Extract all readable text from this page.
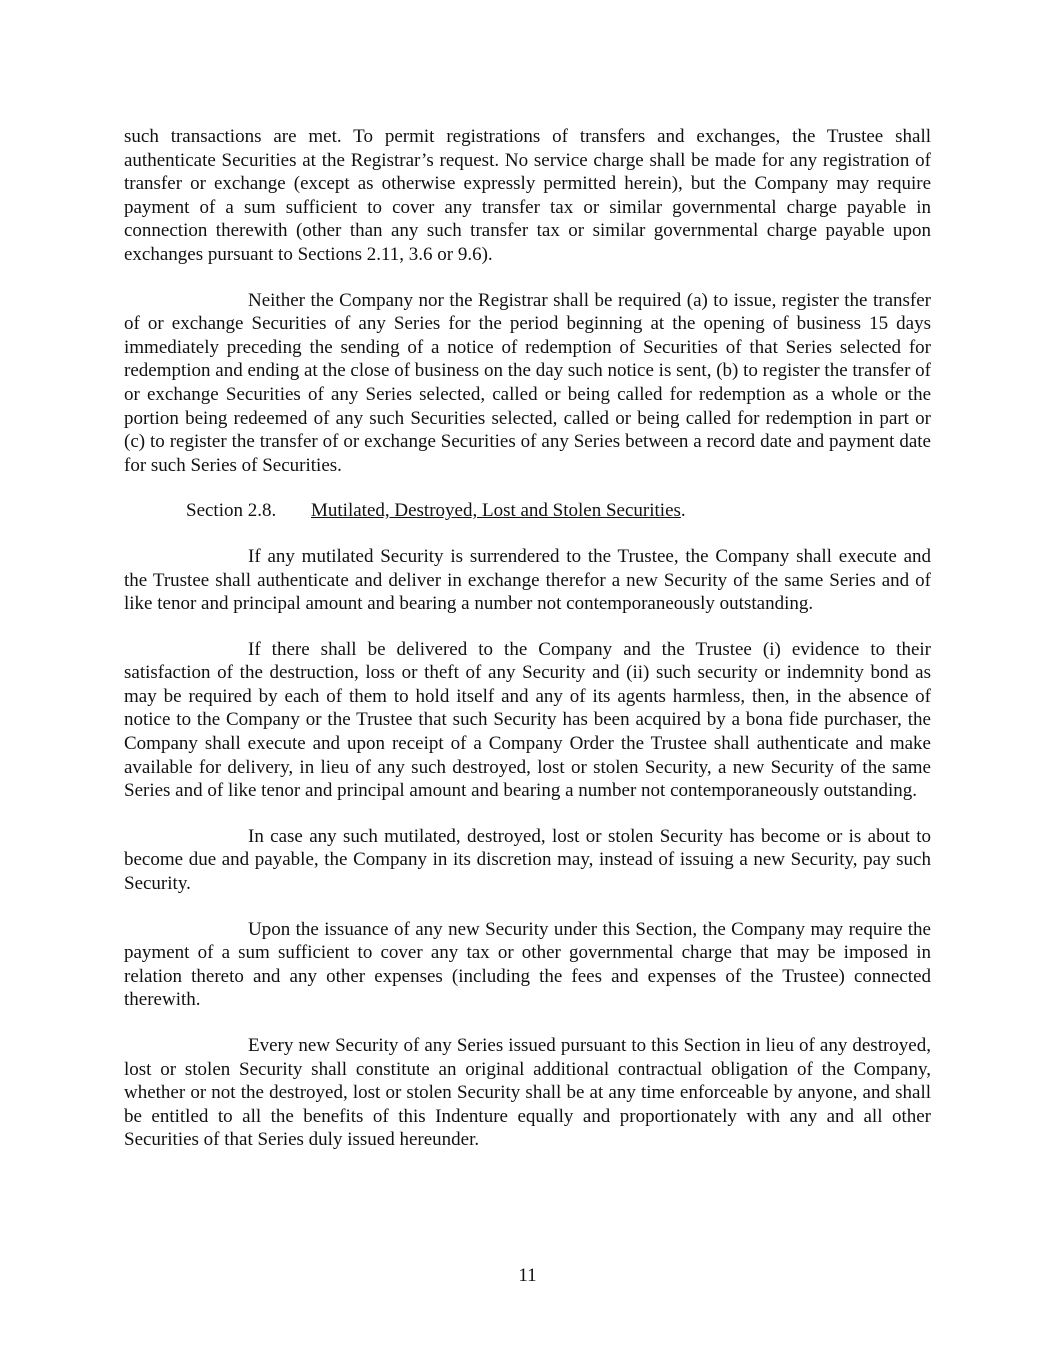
such transactions are met. To permit registrations of transfers and exchanges, the Trustee shall authenticate Securities at the Registrar’s request. No service charge shall be made for any registration of transfer or exchange (except as otherwise expressly permitted herein), but the Company may require payment of a sum sufficient to cover any transfer tax or similar governmental charge payable in connection therewith (other than any such transfer tax or similar governmental charge payable upon exchanges pursuant to Sections 2.11, 3.6 or 9.6).

Neither the Company nor the Registrar shall be required (a) to issue, register the transfer of or exchange Securities of any Series for the period beginning at the opening of business 15 days immediately preceding the sending of a notice of redemption of Securities of that Series selected for redemption and ending at the close of business on the day such notice is sent, (b) to register the transfer of or exchange Securities of any Series selected, called or being called for redemption as a whole or the portion being redeemed of any such Securities selected, called or being called for redemption in part or (c) to register the transfer of or exchange Securities of any Series between a record date and payment date for such Series of Securities.

Section 2.8. Mutilated, Destroyed, Lost and Stolen Securities.

If any mutilated Security is surrendered to the Trustee, the Company shall execute and the Trustee shall authenticate and deliver in exchange therefor a new Security of the same Series and of like tenor and principal amount and bearing a number not contemporaneously outstanding.

If there shall be delivered to the Company and the Trustee (i) evidence to their satisfaction of the destruction, loss or theft of any Security and (ii) such security or indemnity bond as may be required by each of them to hold itself and any of its agents harmless, then, in the absence of notice to the Company or the Trustee that such Security has been acquired by a bona fide purchaser, the Company shall execute and upon receipt of a Company Order the Trustee shall authenticate and make available for delivery, in lieu of any such destroyed, lost or stolen Security, a new Security of the same Series and of like tenor and principal amount and bearing a number not contemporaneously outstanding.

In case any such mutilated, destroyed, lost or stolen Security has become or is about to become due and payable, the Company in its discretion may, instead of issuing a new Security, pay such Security.

Upon the issuance of any new Security under this Section, the Company may require the payment of a sum sufficient to cover any tax or other governmental charge that may be imposed in relation thereto and any other expenses (including the fees and expenses of the Trustee) connected therewith.

Every new Security of any Series issued pursuant to this Section in lieu of any destroyed, lost or stolen Security shall constitute an original additional contractual obligation of the Company, whether or not the destroyed, lost or stolen Security shall be at any time enforceable by anyone, and shall be entitled to all the benefits of this Indenture equally and proportionately with any and all other Securities of that Series duly issued hereunder.

11
